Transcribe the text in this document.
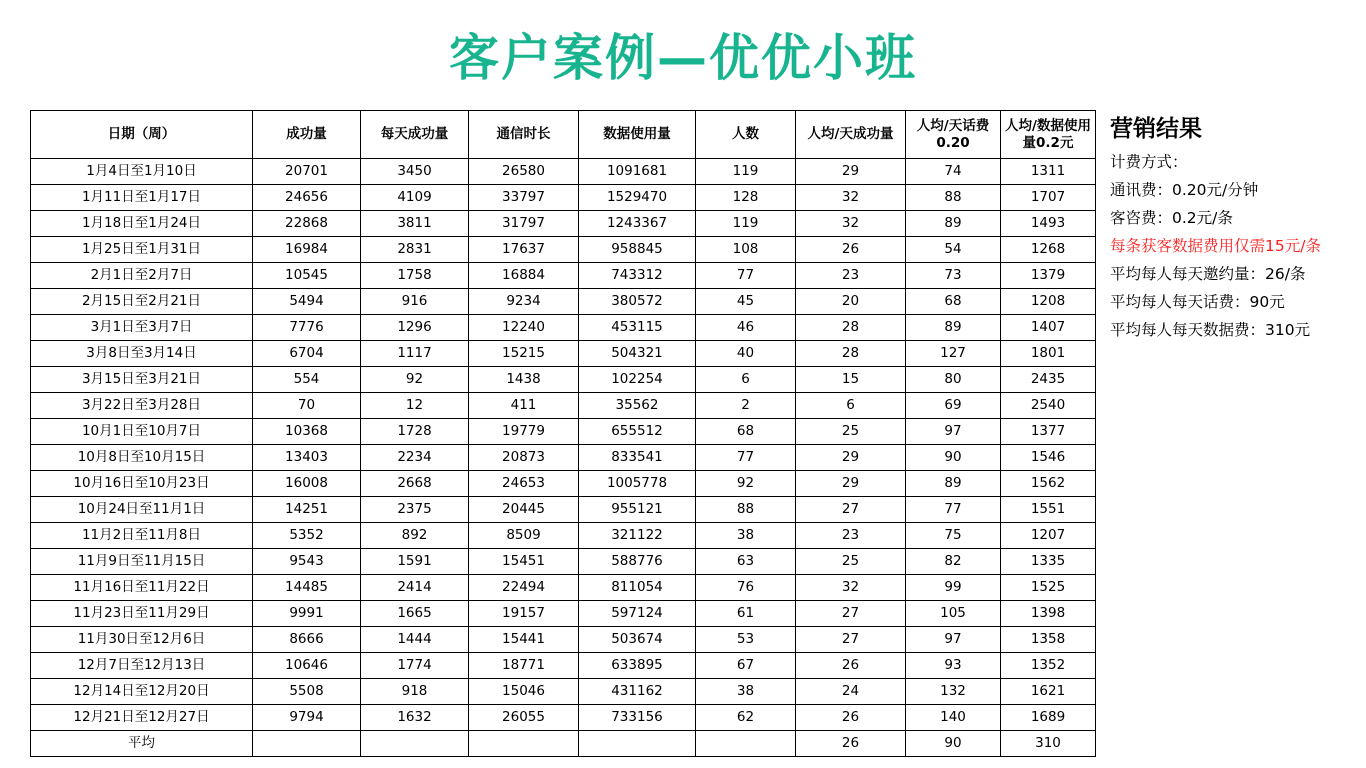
客户案例—优优小班
日期（周）	成功量	每天成功量	通信时长	数据使用量	人数	人均/天成功量	人均/天话费0.20	人均/数据使用量0.2元
1月4日至1月10日	20701	3450	26580	1091681	119	29	74	1311
1月11日至1月17日	24656	4109	33797	1529470	128	32	88	1707
1月18日至1月24日	22868	3811	31797	1243367	119	32	89	1493
1月25日至1月31日	16984	2831	17637	958845	108	26	54	1268
2月1日至2月7日	10545	1758	16884	743312	77	23	73	1379
2月15日至2月21日	5494	916	9234	380572	45	20	68	1208
3月1日至3月7日	7776	1296	12240	453115	46	28	89	1407
3月8日至3月14日	6704	1117	15215	504321	40	28	127	1801
3月15日至3月21日	554	92	1438	102254	6	15	80	2435
3月22日至3月28日	70	12	411	35562	2	6	69	2540
10月1日至10月7日	10368	1728	19779	655512	68	25	97	1377
10月8日至10月15日	13403	2234	20873	833541	77	29	90	1546
10月16日至10月23日	16008	2668	24653	1005778	92	29	89	1562
10月24日至11月1日	14251	2375	20445	955121	88	27	77	1551
11月2日至11月8日	5352	892	8509	321122	38	23	75	1207
11月9日至11月15日	9543	1591	15451	588776	63	25	82	1335
11月16日至11月22日	14485	2414	22494	811054	76	32	99	1525
11月23日至11月29日	9991	1665	19157	597124	61	27	105	1398
11月30日至12月6日	8666	1444	15441	503674	53	27	97	1358
12月7日至12月13日	10646	1774	18771	633895	67	26	93	1352
12月14日至12月20日	5508	918	15046	431162	38	24	132	1621
12月21日至12月27日	9794	1632	26055	733156	62	26	140	1689
平均						26	90	310
营销结果

计费方式：

通讯费：0.20元/分钟

客咨费：0.2元/条

每条获客数据费用仅需15元/条

平均每人每天邀约量：26/条

平均每人每天话费：90元

平均每人每天数据费：310元
